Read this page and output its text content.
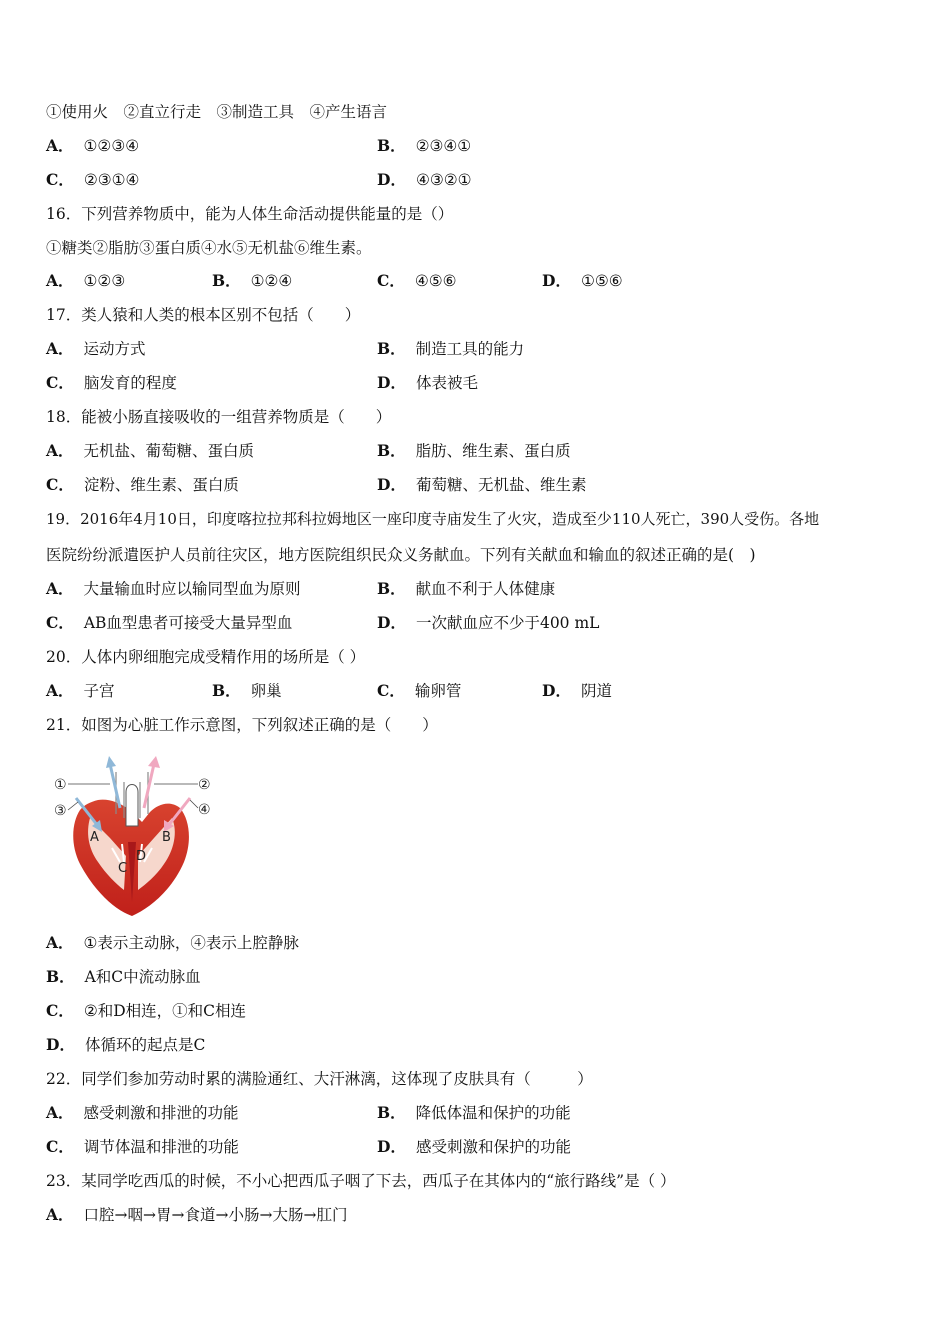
①使用火　②直立行走　③制造工具　④产生语言
A． ①②③④	B． ②③④①
C． ②③①④	D． ④③②①
16．下列营养物质中，能为人体生命活动提供能量的是（）
①糖类②脂肪③蛋白质④水⑤无机盐⑥维生素。
A． ①②③	B． ①②④	C． ④⑤⑥	D． ①⑤⑥
17．类人猿和人类的根本区别不包括（　　）
A． 运动方式	B． 制造工具的能力
C． 脑发育的程度	D． 体表被毛
18．能被小肠直接吸收的一组营养物质是（　　）
A． 无机盐、葡萄糖、蛋白质	B． 脂肪、维生素、蛋白质
C． 淀粉、维生素、蛋白质	D． 葡萄糖、无机盐、维生素
19．2016年4月10日，印度喀拉拉邦科拉姆地区一座印度寺庙发生了火灾，造成至少110人死亡，390人受伤。各地
医院纷纷派遣医护人员前往灾区，地方医院组织民众义务献血。下列有关献血和输血的叙述正确的是(　)
A． 大量输血时应以输同型血为原则	B． 献血不利于人体健康
C． AB血型患者可接受大量异型血	D． 一次献血应不少于400 mL
20．人体内卵细胞完成受精作用的场所是（ ）
A． 子宫	B． 卵巢	C． 输卵管	D． 阴道
21．如图为心脏工作示意图，下列叙述正确的是（　　）
①	②
③	④
A	B
C
D
A． ①表示主动脉，④表示上腔静脉
B． A和C中流动脉血
C． ②和D相连，①和C相连
D． 体循环的起点是C
22．同学们参加劳动时累的满脸通红、大汗淋漓，这体现了皮肤具有（　　　）
A． 感受刺激和排泄的功能	B． 降低体温和保护的功能
C． 调节体温和排泄的功能	D． 感受刺激和保护的功能
23．某同学吃西瓜的时候，不小心把西瓜子咽了下去，西瓜子在其体内的“旅行路线”是（ ）
A． 口腔→咽→胃→食道→小肠→大肠→肛门
